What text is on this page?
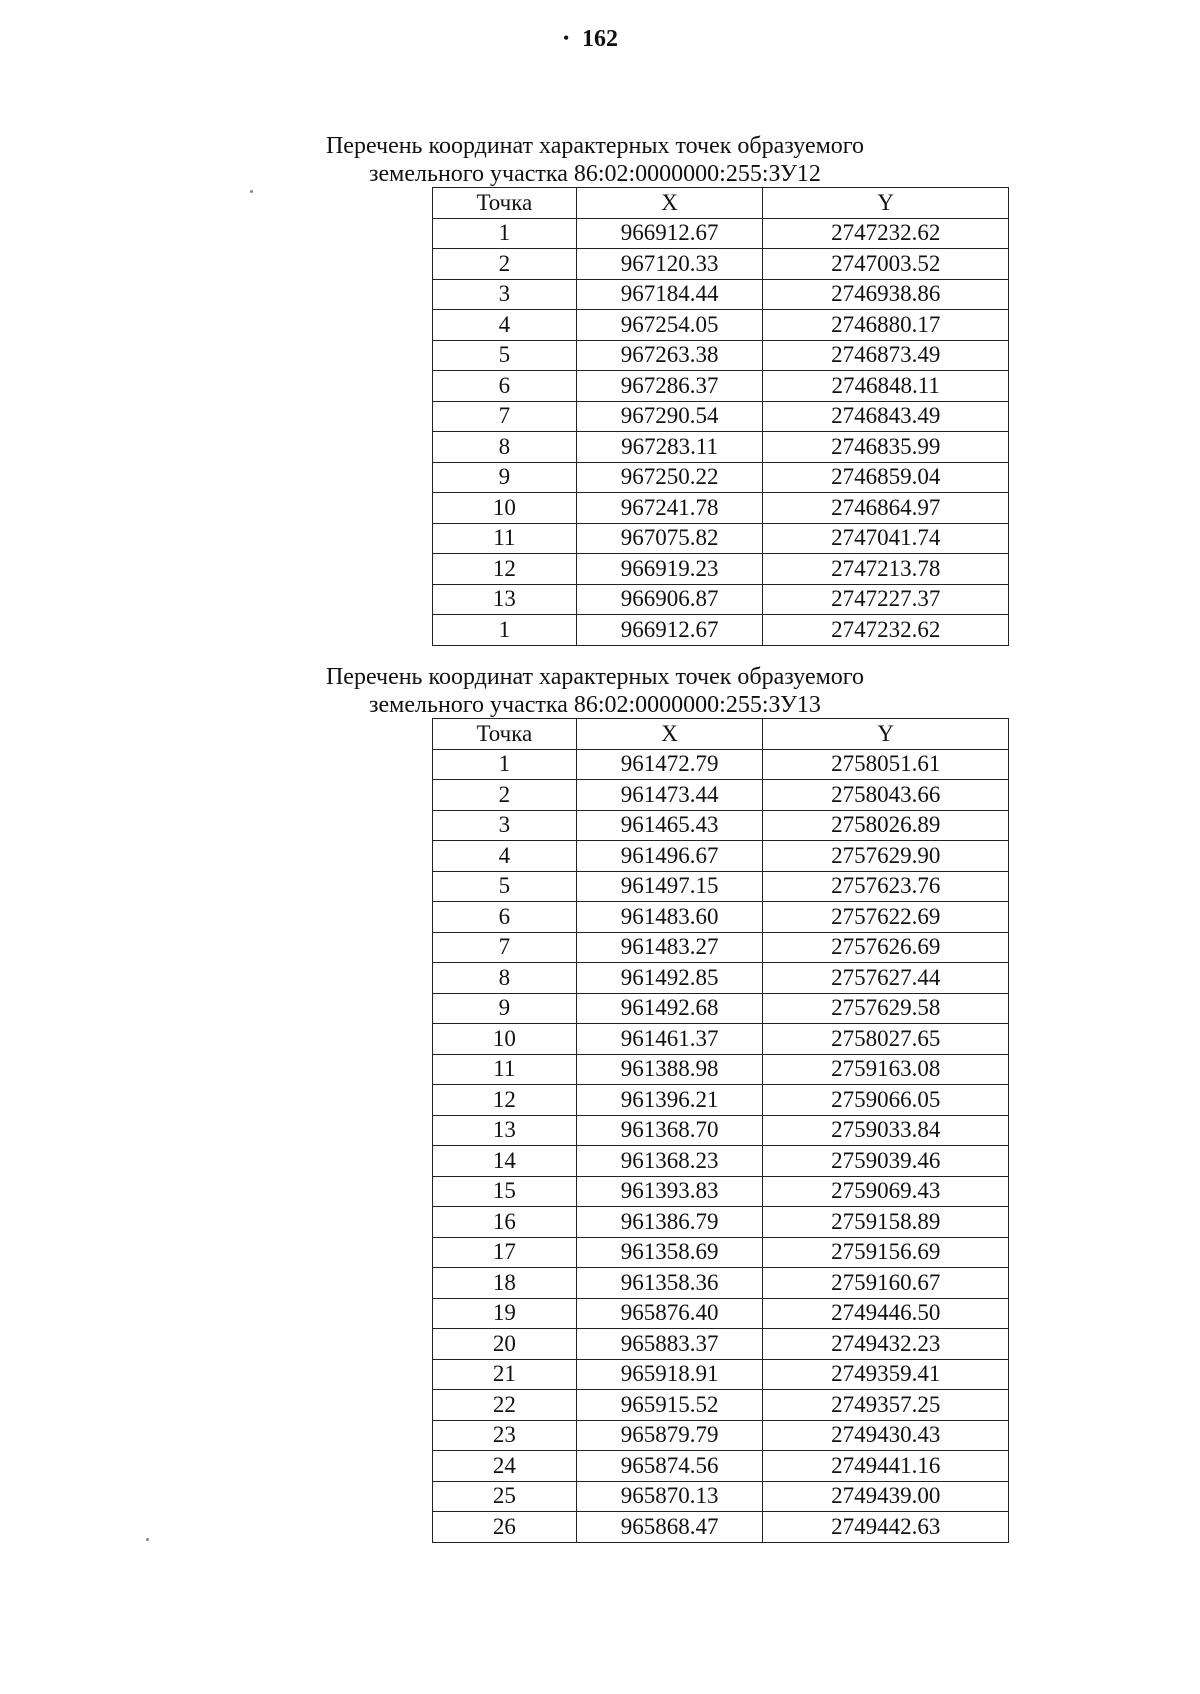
• 162
Перечень координат характерных точек образуемого
земельного участка 86:02:0000000:255:ЗУ12
Точка	X	Y
1	966912.67	2747232.62
2	967120.33	2747003.52
3	967184.44	2746938.86
4	967254.05	2746880.17
5	967263.38	2746873.49
6	967286.37	2746848.11
7	967290.54	2746843.49
8	967283.11	2746835.99
9	967250.22	2746859.04
10	967241.78	2746864.97
11	967075.82	2747041.74
12	966919.23	2747213.78
13	966906.87	2747227.37
1	966912.67	2747232.62
Перечень координат характерных точек образуемого
земельного участка 86:02:0000000:255:ЗУ13
Точка	X	Y
1	961472.79	2758051.61
2	961473.44	2758043.66
3	961465.43	2758026.89
4	961496.67	2757629.90
5	961497.15	2757623.76
6	961483.60	2757622.69
7	961483.27	2757626.69
8	961492.85	2757627.44
9	961492.68	2757629.58
10	961461.37	2758027.65
11	961388.98	2759163.08
12	961396.21	2759066.05
13	961368.70	2759033.84
14	961368.23	2759039.46
15	961393.83	2759069.43
16	961386.79	2759158.89
17	961358.69	2759156.69
18	961358.36	2759160.67
19	965876.40	2749446.50
20	965883.37	2749432.23
21	965918.91	2749359.41
22	965915.52	2749357.25
23	965879.79	2749430.43
24	965874.56	2749441.16
25	965870.13	2749439.00
26	965868.47	2749442.63
